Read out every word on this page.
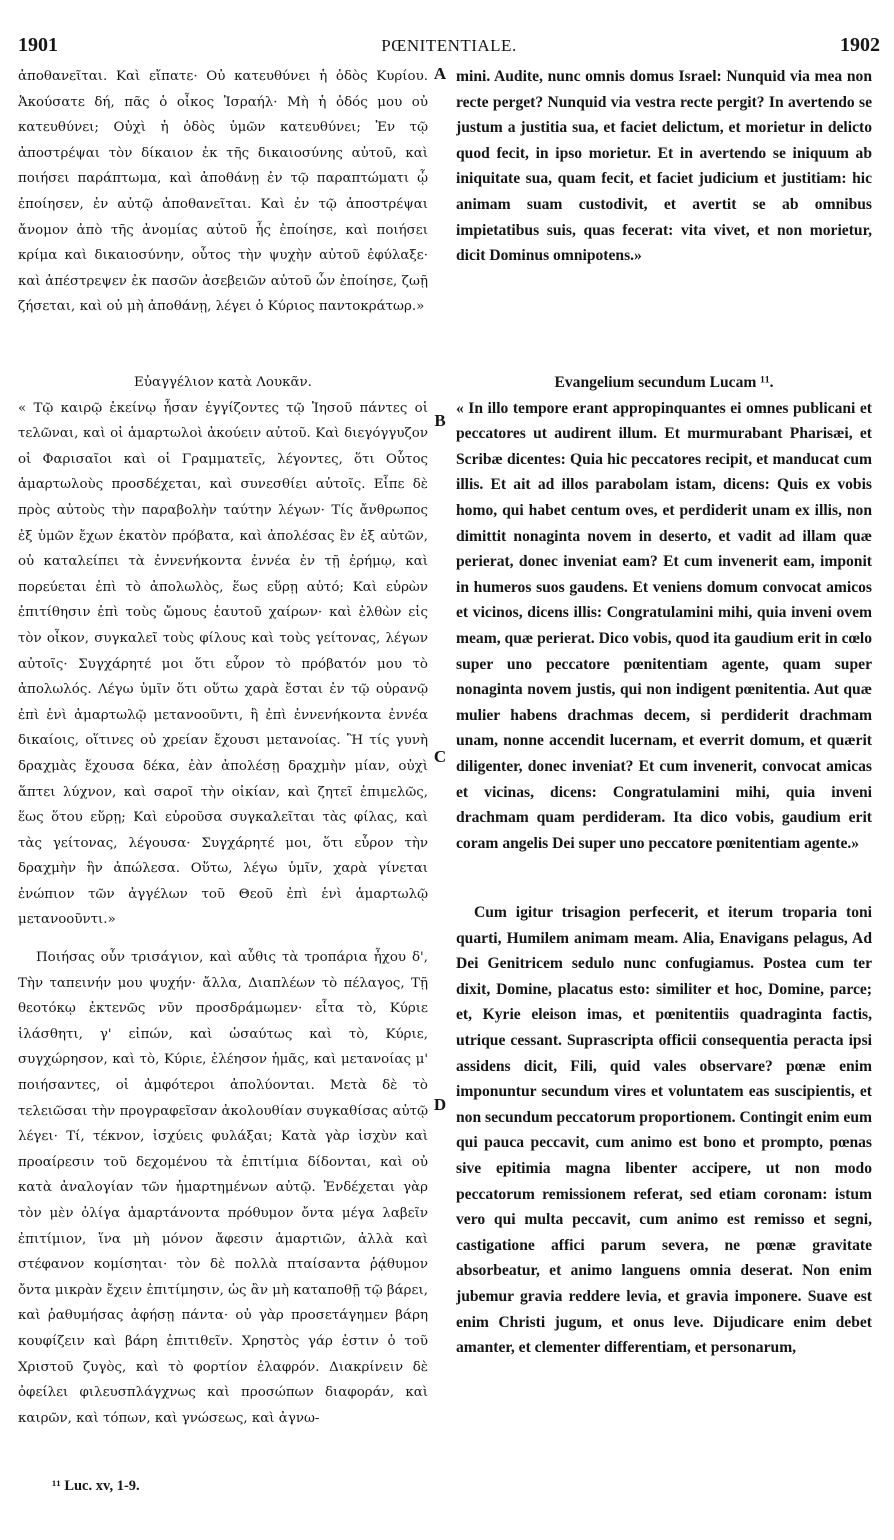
1901	PŒNITENTIALE.	1902
A
B
C
D

ἀποθανεῖται. Καὶ εἴπατε· Οὐ κατευθύνει ἡ ὁδὸς Κυρίου. Ἀκούσατε δή, πᾶς ὁ οἶκος Ἰσραήλ· Μὴ ἡ ὁδός μου οὐ κατευθύνει; Οὐχὶ ἡ ὁδὸς ὑμῶν κατευθύνει; Ἐν τῷ ἀποστρέψαι τὸν δίκαιον ἐκ τῆς δικαιοσύνης αὐτοῦ, καὶ ποιήσει παράπτωμα, καὶ ἀποθάνῃ ἐν τῷ παραπτώματι ᾧ ἐποίησεν, ἐν αὐτῷ ἀποθανεῖται. Καὶ ἐν τῷ ἀποστρέψαι ἄνομον ἀπὸ τῆς ἀνομίας αὐτοῦ ἧς ἐποίησε, καὶ ποιήσει κρίμα καὶ δικαιοσύνην, οὗτος τὴν ψυχὴν αὐτοῦ ἐφύλαξε· καὶ ἀπέστρεψεν ἐκ πασῶν ἀσεβειῶν αὐτοῦ ὧν ἐποίησε, ζωῇ ζήσεται, καὶ οὐ μὴ ἀποθάνῃ, λέγει ὁ Κύριος παντοκράτωρ.»

mini. Audite, nunc omnis domus Israel: Nunquid via mea non recte perget? Nunquid via vestra recte pergit? In avertendo se justum a justitia sua, et faciet delictum, et morietur in delicto quod fecit, in ipso morietur. Et in avertendo se iniquum ab iniquitate sua, quam fecit, et faciet judicium et justitiam: hic animam suam custodivit, et avertit se ab omnibus impietatibus suis, quas fecerat: vita vivet, et non morietur, dicit Dominus omnipotens.»

Εὐαγγέλιον κατὰ Λουκᾶν.

« Τῷ καιρῷ ἐκείνῳ ἦσαν ἐγγίζοντες τῷ Ἰησοῦ πάντες οἱ τελῶναι, καὶ οἱ ἁμαρτωλοὶ ἀκούειν αὐτοῦ. Καὶ διεγόγγυζον οἱ Φαρισαῖοι καὶ οἱ Γραμματεῖς, λέγοντες, ὅτι Οὗτος ἁμαρτωλοὺς προσδέχεται, καὶ συνεσθίει αὐτοῖς. Εἶπε δὲ πρὸς αὐτοὺς τὴν παραβολὴν ταύτην λέγων· Τίς ἄνθρωπος ἐξ ὑμῶν ἔχων ἑκατὸν πρόβατα, καὶ ἀπολέσας ἓν ἐξ αὐτῶν, οὐ καταλείπει τὰ ἐννενήκοντα ἐννέα ἐν τῇ ἐρήμῳ, καὶ πορεύεται ἐπὶ τὸ ἀπολωλὸς, ἕως εὕρῃ αὐτό; Καὶ εὑρὼν ἐπιτίθησιν ἐπὶ τοὺς ὤμους ἑαυτοῦ χαίρων· καὶ ἐλθὼν εἰς τὸν οἶκον, συγκαλεῖ τοὺς φίλους καὶ τοὺς γείτονας, λέγων αὐτοῖς· Συγχάρητέ μοι ὅτι εὗρον τὸ πρόβατόν μου τὸ ἀπολωλός. Λέγω ὑμῖν ὅτι οὕτω χαρὰ ἔσται ἐν τῷ οὐρανῷ ἐπὶ ἑνὶ ἁμαρτωλῷ μετανοοῦντι, ἢ ἐπὶ ἐννενήκοντα ἐννέα δικαίοις, οἵτινες οὐ χρείαν ἔχουσι μετανοίας. Ἢ τίς γυνὴ δραχμὰς ἔχουσα δέκα, ἐὰν ἀπολέσῃ δραχμὴν μίαν, οὐχὶ ἅπτει λύχνον, καὶ σαροῖ τὴν οἰκίαν, καὶ ζητεῖ ἐπιμελῶς, ἕως ὅτου εὕρῃ; Καὶ εὑροῦσα συγκαλεῖται τὰς φίλας, καὶ τὰς γείτονας, λέγουσα· Συγχάρητέ μοι, ὅτι εὗρον τὴν δραχμὴν ἣν ἀπώλεσα. Οὕτω, λέγω ὑμῖν, χαρὰ γίνεται ἐνώπιον τῶν ἀγγέλων τοῦ Θεοῦ ἐπὶ ἑνὶ ἁμαρτωλῷ μετανοοῦντι.»

Evangelium secundum Lucam ¹¹.

« In illo tempore erant appropinquantes ei omnes publicani et peccatores ut audirent illum. Et murmurabant Pharisæi, et Scribæ dicentes: Quia hic peccatores recipit, et manducat cum illis. Et ait ad illos parabolam istam, dicens: Quis ex vobis homo, qui habet centum oves, et perdiderit unam ex illis, non dimittit nonaginta novem in deserto, et vadit ad illam quæ perierat, donec inveniat eam? Et cum invenerit eam, imponit in humeros suos gaudens. Et veniens domum convocat amicos et vicinos, dicens illis: Congratulamini mihi, quia inveni ovem meam, quæ perierat. Dico vobis, quod ita gaudium erit in cœlo super uno peccatore pœnitentiam agente, quam super nonaginta novem justis, qui non indigent pœnitentia. Aut quæ mulier habens drachmas decem, si perdiderit drachmam unam, nonne accendit lucernam, et everrit domum, et quærit diligenter, donec inveniat? Et cum invenerit, convocat amicas et vicinas, dicens: Congratulamini mihi, quia inveni drachmam quam perdideram. Ita dico vobis, gaudium erit coram angelis Dei super uno peccatore pœnitentiam agente.»

Ποιήσας οὖν τρισάγιον, καὶ αὖθις τὰ τροπάρια ἦχου δ', Τὴν ταπεινήν μου ψυχήν· ἄλλα, Διαπλέων τὸ πέλαγος, Τῇ θεοτόκῳ ἐκτενῶς νῦν προσδράμωμεν· εἶτα τὸ, Κύριε ἱλάσθητι, γ' εἰπών, καὶ ὡσαύτως καὶ τὸ, Κύριε, συγχώρησον, καὶ τὸ, Κύριε, ἐλέησον ἡμᾶς, καὶ μετανοίας μ' ποιήσαντες, οἱ ἀμφότεροι ἀπολύονται. Μετὰ δὲ τὸ τελειῶσαι τὴν προγραφεῖσαν ἀκολουθίαν συγκαθίσας αὐτῷ λέγει· Τί, τέκνον, ἰσχύεις φυλάξαι; Κατὰ γὰρ ἰσχὺν καὶ προαίρεσιν τοῦ δεχομένου τὰ ἐπιτίμια δίδονται, καὶ οὐ κατὰ ἀναλογίαν τῶν ἡμαρτημένων αὐτῷ. Ἐνδέχεται γὰρ τὸν μὲν ὀλίγα ἁμαρτάνοντα πρόθυμον ὄντα μέγα λαβεῖν ἐπιτίμιον, ἵνα μὴ μόνον ἄφεσιν ἁμαρτιῶν, ἀλλὰ καὶ στέφανον κομίσηται· τὸν δὲ πολλὰ πταίσαντα ῥᾴθυμον ὄντα μικρὰν ἔχειν ἐπιτίμησιν, ὡς ἂν μὴ καταποθῇ τῷ βάρει, καὶ ῥαθυμήσας ἀφήσῃ πάντα· οὐ γὰρ προσετάγημεν βάρη κουφίζειν καὶ βάρη ἐπιτιθεῖν. Χρηστὸς γάρ ἐστιν ὁ τοῦ Χριστοῦ ζυγὸς, καὶ τὸ φορτίον ἐλαφρόν. Διακρίνειν δὲ ὀφείλει φιλευσπλάγχνως καὶ προσώπων διαφοράν, καὶ καιρῶν, καὶ τόπων, καὶ γνώσεως, καὶ ἀγνω-

Cum igitur trisagion perfecerit, et iterum troparia toni quarti, Humilem animam meam. Alia, Enavigans pelagus, Ad Dei Genitricem sedulo nunc confugiamus. Postea cum ter dixit, Domine, placatus esto: similiter et hoc, Domine, parce; et, Kyrie eleison imas, et pœnitentiis quadraginta factis, utrique cessant. Suprascripta officii consequentia peracta ipsi assidens dicit, Fili, quid vales observare? pœnæ enim imponuntur secundum vires et voluntatem eas suscipientis, et non secundum peccatorum proportionem. Contingit enim eum qui pauca peccavit, cum animo est bono et prompto, pœnas sive epitimia magna libenter accipere, ut non modo peccatorum remissionem referat, sed etiam coronam: istum vero qui multa peccavit, cum animo est remisso et segni, castigatione affici parum severa, ne pœnæ gravitate absorbeatur, et animo languens omnia deserat. Non enim jubemur gravia reddere levia, et gravia imponere. Suave est enim Christi jugum, et onus leve. Dijudicare enim debet amanter, et clementer differentiam, et personarum,

¹¹ Luc. xv, 1-9.
